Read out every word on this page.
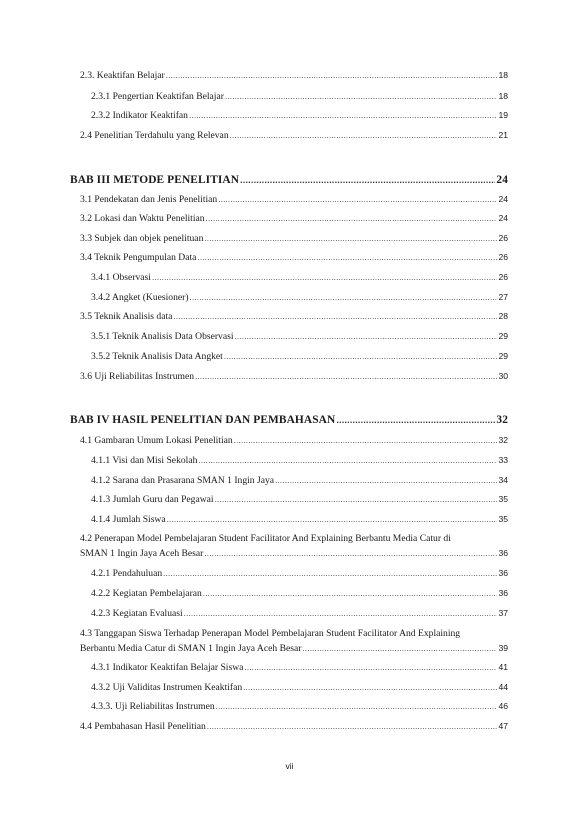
2.3. Keaktifan Belajar .....	18
2.3.1 Pengertian Keaktifan Belajar .....	18
2.3.2 Indikator Keaktifan .....	19
2.4 Penelitian Terdahulu yang Relevan .....	21
BAB III METODE PENELITIAN .....	24
3.1 Pendekatan dan Jenis Penelitian .....	24
3.2 Lokasi dan Waktu Penelitian .....	24
3.3 Subjek dan objek penelituan .....	26
3.4 Teknik Pengumpulan Data .....	26
3.4.1 Observasi .....	26
3.4.2 Angket (Kuesioner) .....	27
3.5 Teknik Analisis data .....	28
3.5.1 Teknik Analisis Data Observasi .....	29
3.5.2 Teknik Analisis Data Angket .....	29
3.6 Uji Reliabilitas Instrumen .....	30
BAB IV HASIL PENELITIAN DAN PEMBAHASAN .....	32
4.1 Gambaran Umum Lokasi Penelitian .....	32
4.1.1 Visi dan Misi Sekolah .....	33
4.1.2 Sarana dan Prasarana SMAN 1 Ingin Jaya .....	34
4.1.3 Jumlah Guru dan Pegawai .....	35
4.1.4 Jumlah Siswa .....	35
4.2 Penerapan Model Pembelajaran Student Facilitator And Explaining Berbantu Media Catur di
SMAN 1 Ingin Jaya Aceh Besar .....	36
4.2.1 Pendahuluan .....	36
4.2.2 Kegiatan Pembelajaran .....	36
4.2.3 Kegiatan Evaluasi .....	37
4.3 Tanggapan Siswa Terhadap Penerapan Model Pembelajaran Student Facilitator And Explaining
Berbantu Media Catur di SMAN 1 Ingin Jaya Aceh Besar .....	39
4.3.1 Indikator Keaktifan Belajar Siswa .....	41
4.3.2 Uji Validitas Instrumen Keaktifan .....	44
4.3.3. Uji Reliabilitas Instrumen .....	46
4.4 Pembahasan Hasil Penelitian .....	47
vii
